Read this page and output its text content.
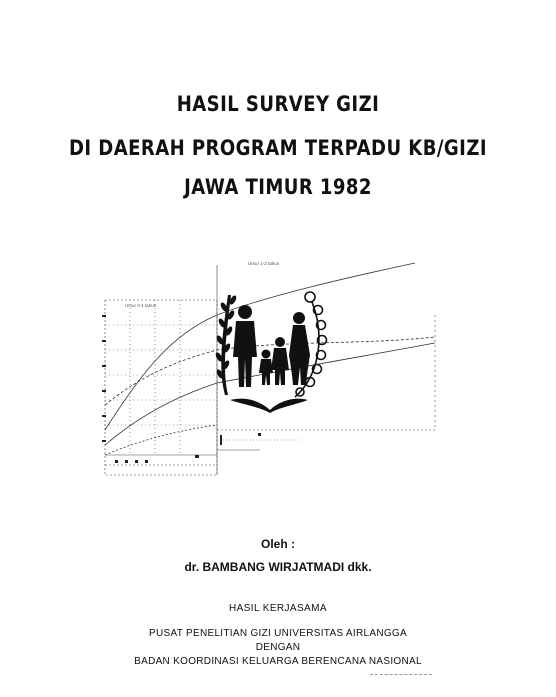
HASIL SURVEY GIZI
DI DAERAH PROGRAM TERPADU KB/GIZI
JAWA TIMUR 1982
Umur 1-2 tahun
Umur 0-1 tahun
Oleh :
dr. BAMBANG WIRJATMADI dkk.
HASIL KERJASAMA
PUSAT PENELITIAN GIZI UNIVERSITAS AIRLANGGA
DENGAN
BADAN KOORDINASI KELUARGA BERENCANA NASIONAL
